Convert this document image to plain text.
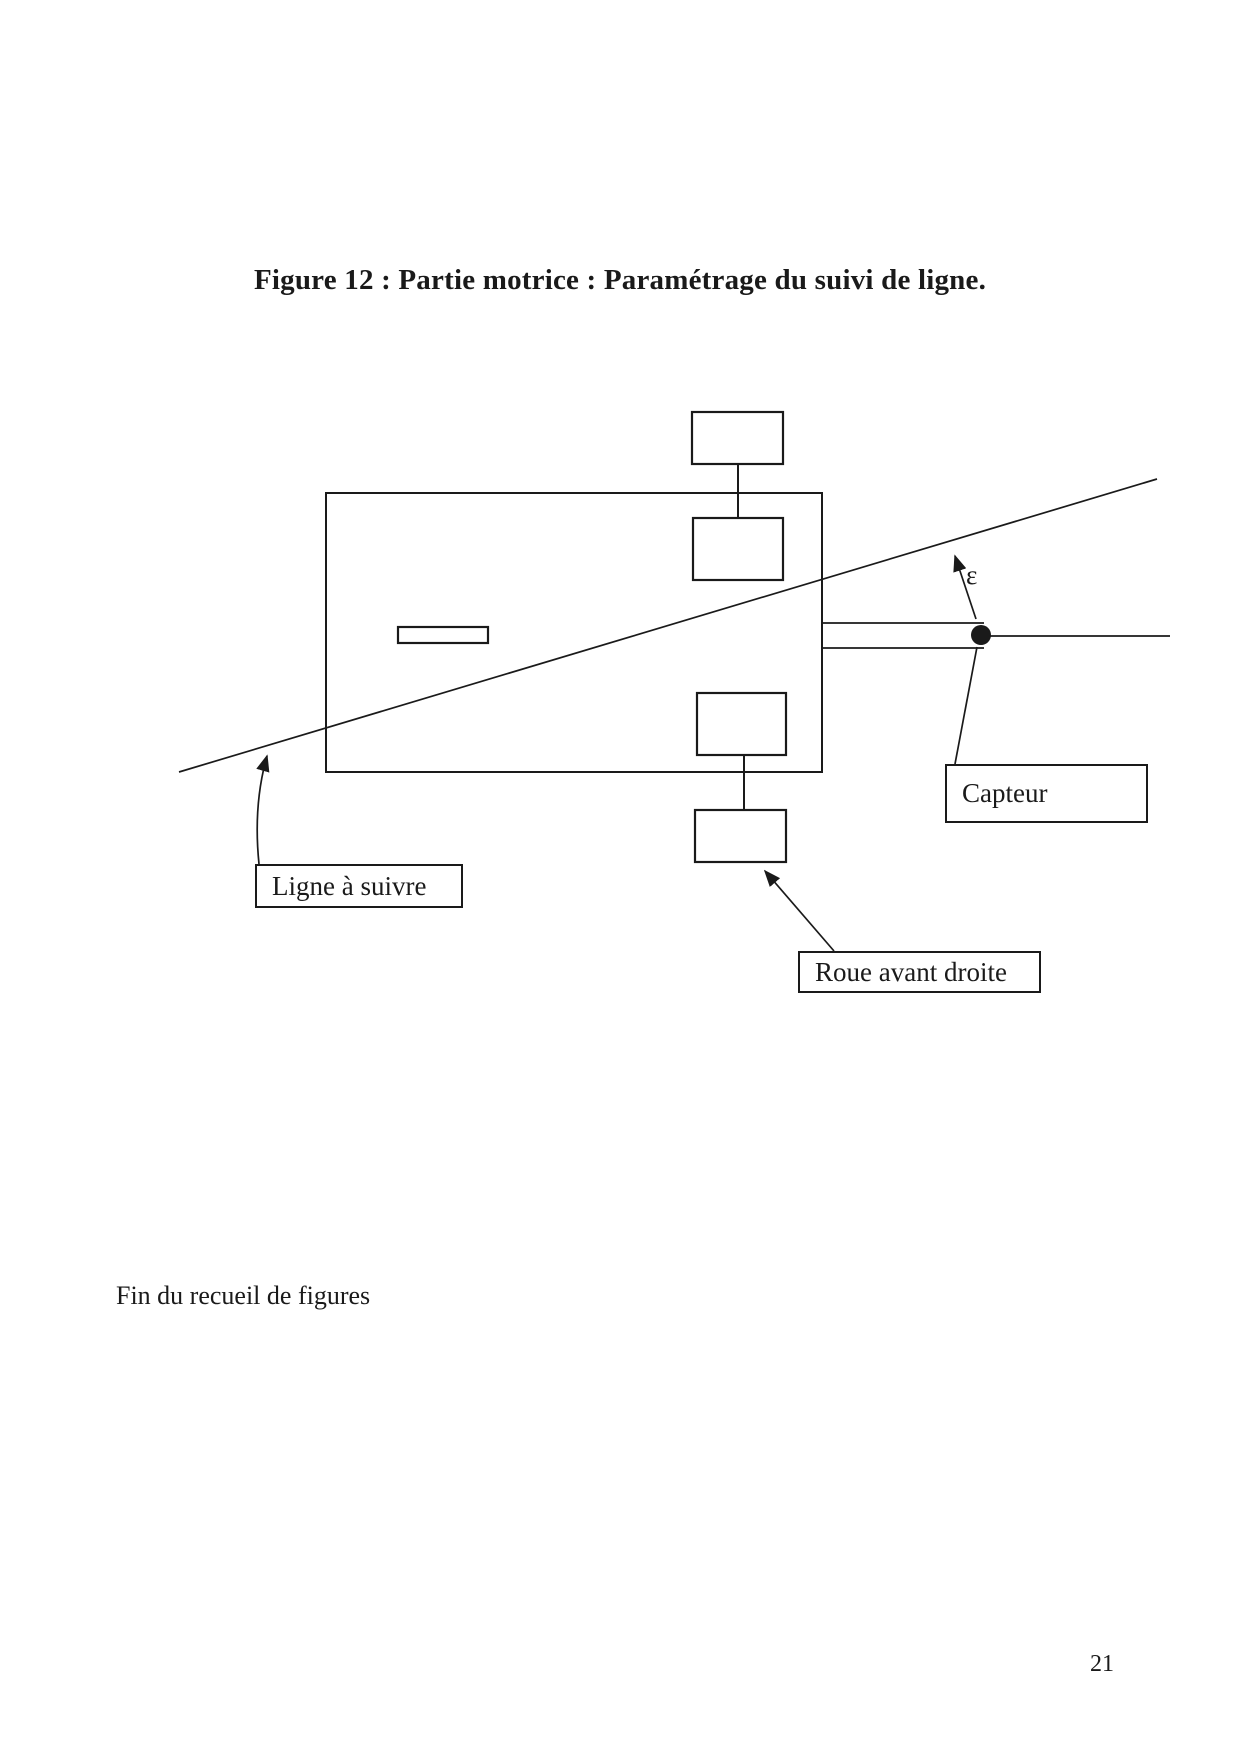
Figure 12 : Partie motrice : Paramétrage du suivi de ligne.
ε
Ligne à suivre
Capteur
Roue avant droite
Fin du recueil de figures
21
